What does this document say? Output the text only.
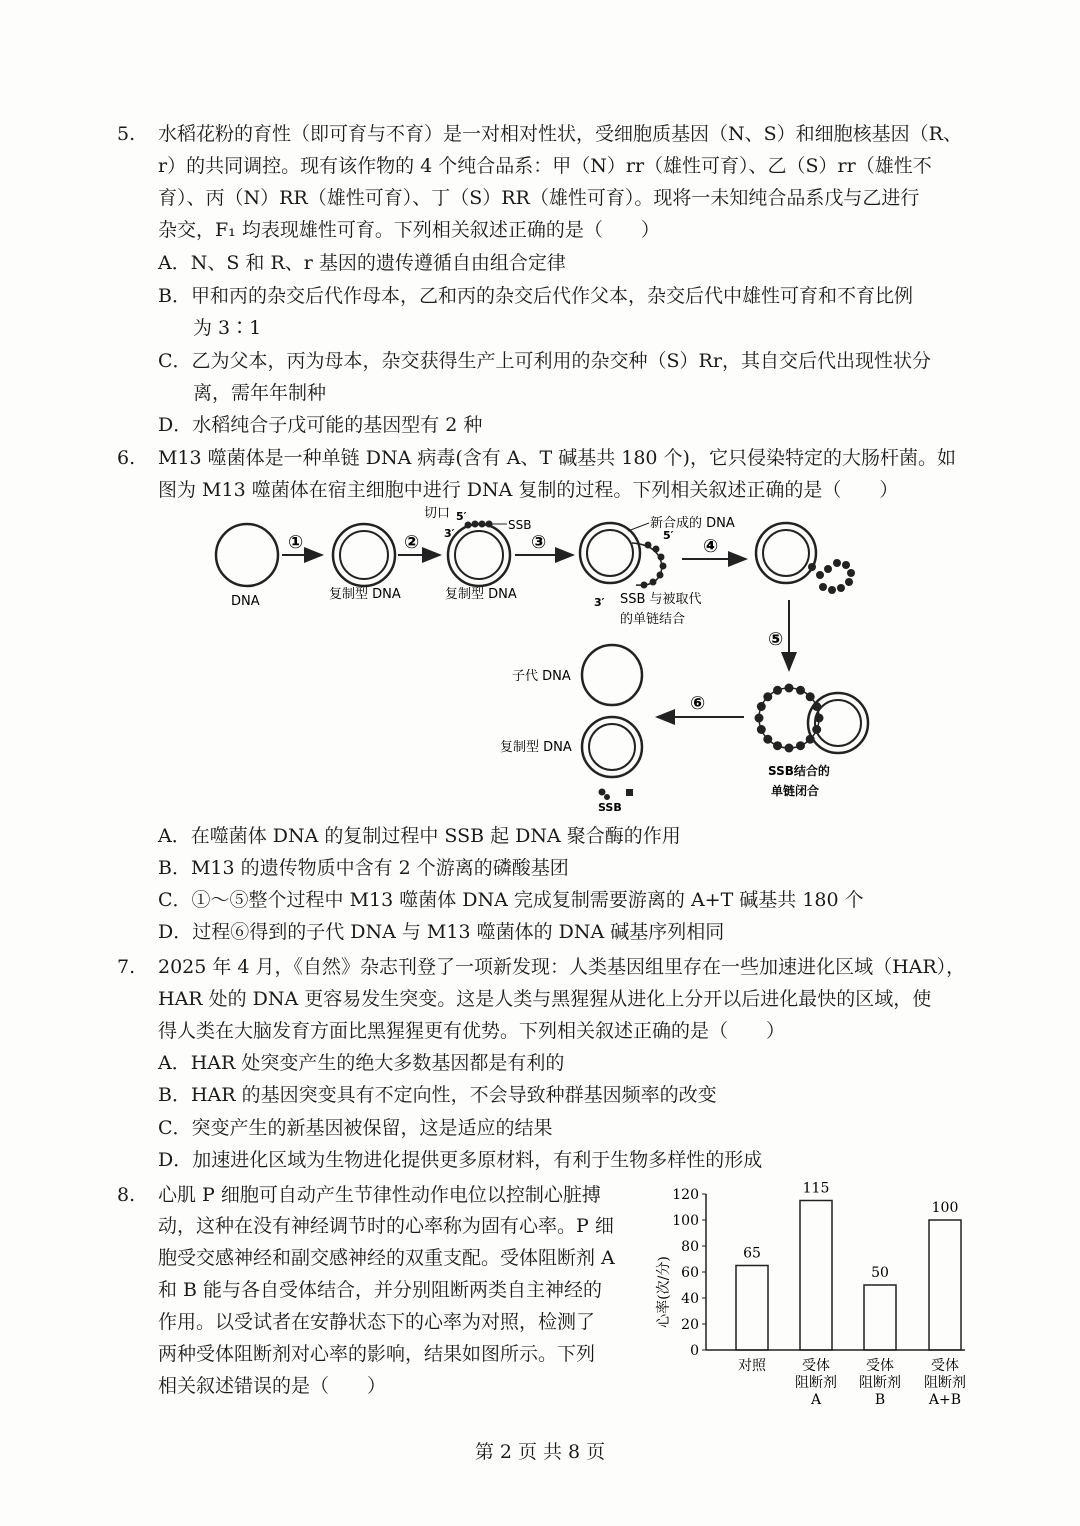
5. 水稻花粉的育性（即可育与不育）是一对相对性状，受细胞质基因（N、S）和细胞核基因（R、
r）的共同调控。现有该作物的 4 个纯合品系：甲（N）rr（雄性可育）、乙（S）rr（雄性不
育）、丙（N）RR（雄性可育）、丁（S）RR（雄性可育）。现将一未知纯合品系戊与乙进行
杂交，F₁ 均表现雄性可育。下列相关叙述正确的是（　　）
A．N、S 和 R、r 基因的遗传遵循自由组合定律
B．甲和丙的杂交后代作母本，乙和丙的杂交后代作父本，杂交后代中雄性可育和不育比例
为 3∶1
C．乙为父本，丙为母本，杂交获得生产上可利用的杂交种（S）Rr，其自交后代出现性状分
离，需年年制种
D．水稻纯合子戊可能的基因型有 2 种
6. M13 噬菌体是一种单链 DNA 病毒(含有 A、T 碱基共 180 个)，它只侵染特定的大肠杆菌。如
图为 M13 噬菌体在宿主细胞中进行 DNA 复制的过程。下列相关叙述正确的是（　　）
DNA
①
复制型 DNA
②
切口 5′
3′
SSB
复制型 DNA
③
新合成的 DNA
5′
3′ SSB 与被取代
的单链结合
④
⑤
SSB结合的
单链闭合
⑥
子代 DNA
复制型 DNA
SSB
A．在噬菌体 DNA 的复制过程中 SSB 起 DNA 聚合酶的作用
B．M13 的遗传物质中含有 2 个游离的磷酸基团
C．①～⑤整个过程中 M13 噬菌体 DNA 完成复制需要游离的 A+T 碱基共 180 个
D．过程⑥得到的子代 DNA 与 M13 噬菌体的 DNA 碱基序列相同
7. 2025 年 4 月，《自然》杂志刊登了一项新发现：人类基因组里存在一些加速进化区域（HAR），
HAR 处的 DNA 更容易发生突变。这是人类与黑猩猩从进化上分开以后进化最快的区域，使
得人类在大脑发育方面比黑猩猩更有优势。下列相关叙述正确的是（　　）
A．HAR 处突变产生的绝大多数基因都是有利的
B．HAR 的基因突变具有不定向性，不会导致种群基因频率的改变
C．突变产生的新基因被保留，这是适应的结果
D．加速进化区域为生物进化提供更多原材料，有利于生物多样性的形成
8. 心肌 P 细胞可自动产生节律性动作电位以控制心脏搏
动，这种在没有神经调节时的心率称为固有心率。P 细
胞受交感神经和副交感神经的双重支配。受体阻断剂 A
和 B 能与各自受体结合，并分别阻断两类自主神经的
作用。以受试者在安静状态下的心率为对照，检测了
两种受体阻断剂对心率的影响，结果如图所示。下列
相关叙述错误的是（　　）
心率(次/分)
0
20
40
60
80
100
120
65
对照
115
受体
阻断剂
A
50
受体
阻断剂
B
100
受体
阻断剂
A+B
第 2 页 共 8 页
